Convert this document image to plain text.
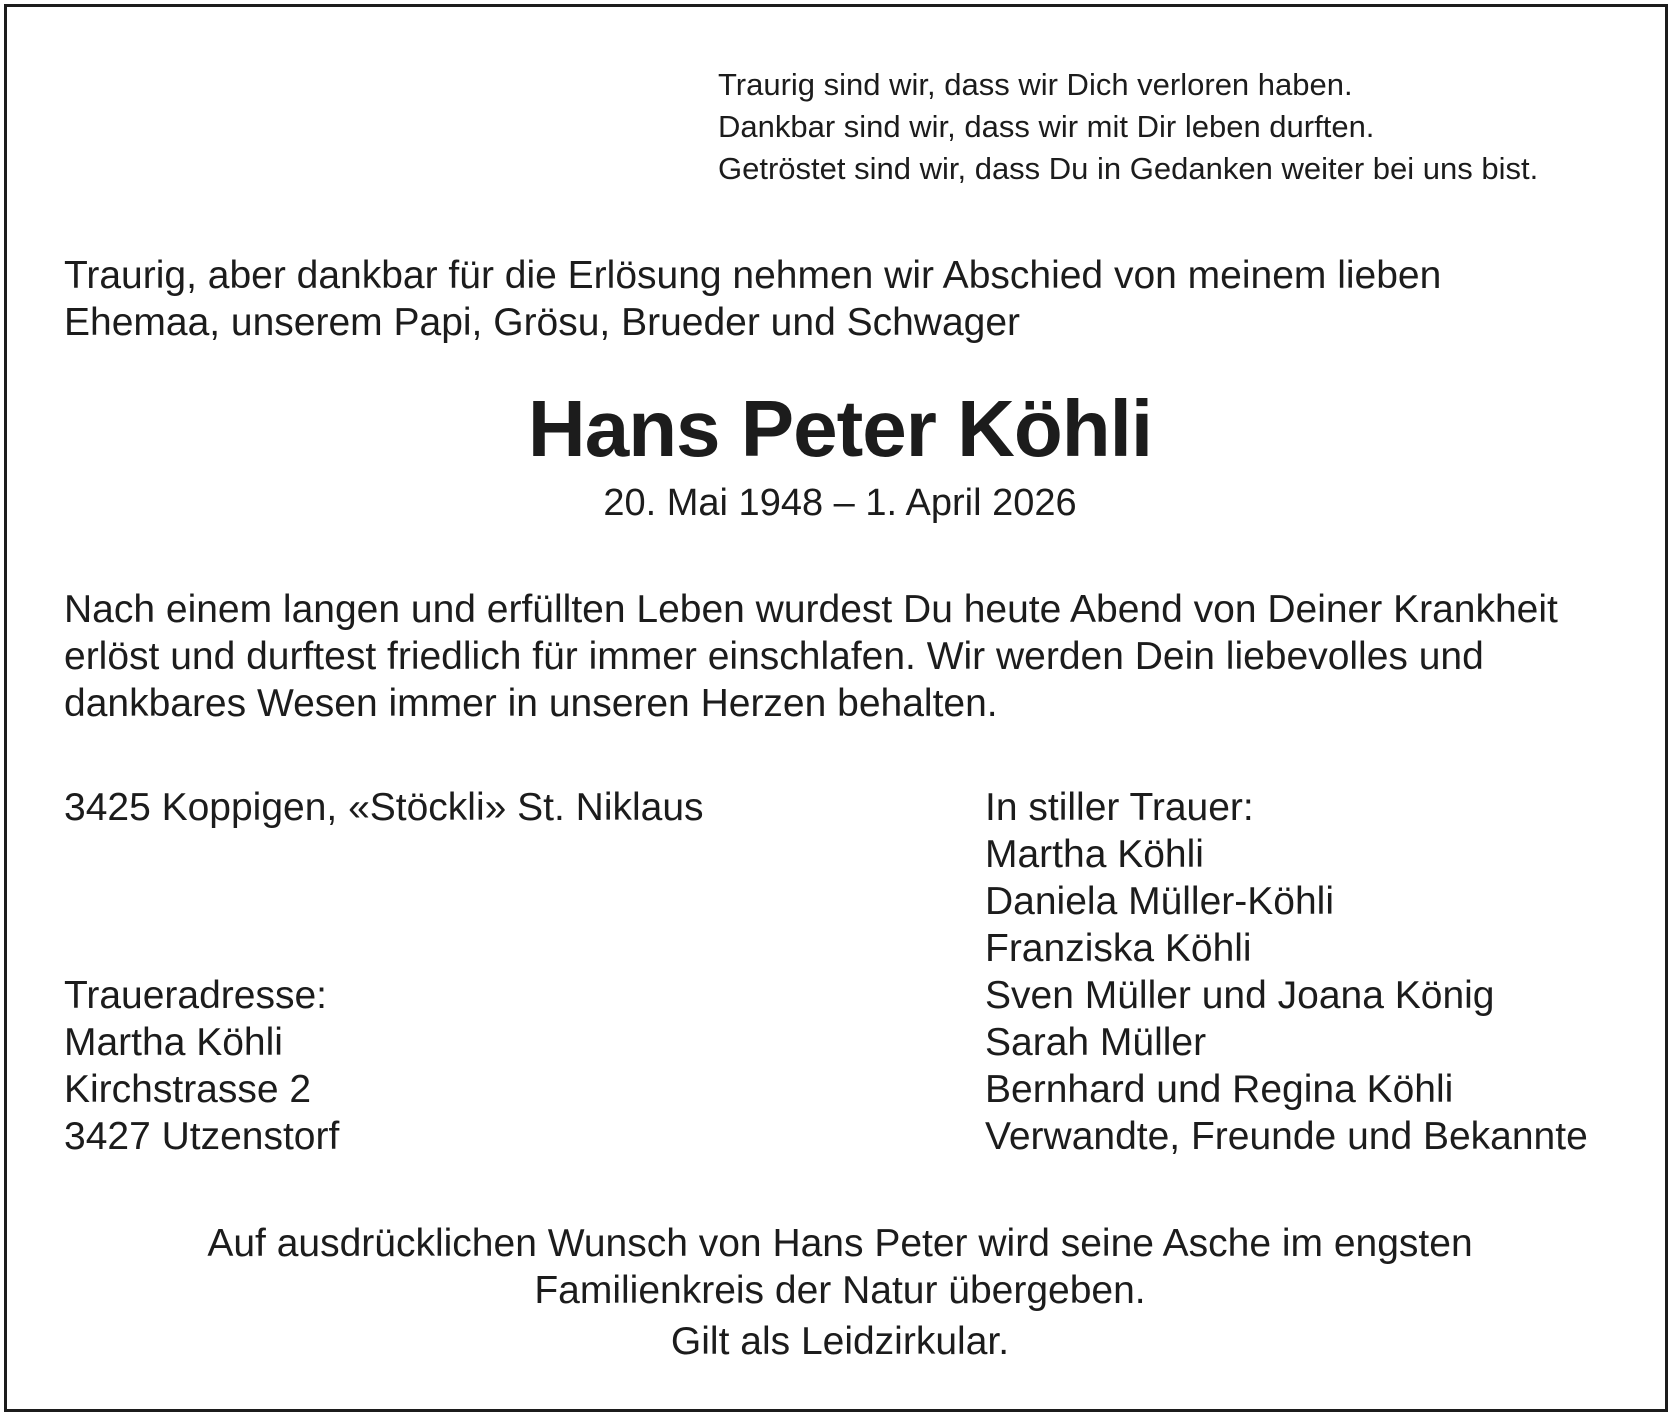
Traurig sind wir, dass wir Dich verloren haben.
Dankbar sind wir, dass wir mit Dir leben durften.
Getröstet sind wir, dass Du in Gedanken weiter bei uns bist.
Traurig, aber dankbar für die Erlösung nehmen wir Abschied von meinem lieben
Ehemaa, unserem Papi, Grösu, Brueder und Schwager
Hans Peter Köhli
20. Mai 1948 – 1. April 2026
Nach einem langen und erfüllten Leben wurdest Du heute Abend von Deiner Krankheit
erlöst und durftest friedlich für immer einschlafen. Wir werden Dein liebevolles und
dankbares Wesen immer in unseren Herzen behalten.
3425 Koppigen, «Stöckli» St. Niklaus
Traueradresse:
Martha Köhli
Kirchstrasse 2
3427 Utzenstorf
In stiller Trauer:
Martha Köhli
Daniela Müller-Köhli
Franziska Köhli
Sven Müller und Joana König
Sarah Müller
Bernhard und Regina Köhli
Verwandte, Freunde und Bekannte
Auf ausdrücklichen Wunsch von Hans Peter wird seine Asche im engsten
Familienkreis der Natur übergeben.
Gilt als Leidzirkular.
